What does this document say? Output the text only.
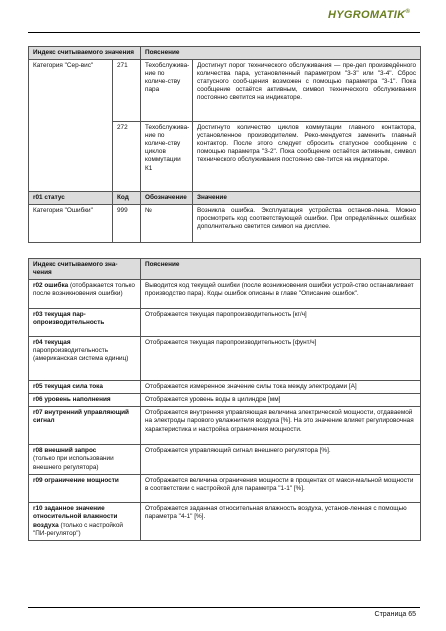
HYGROMATIK®
Индекс считываемого значения		Пояснение	
Категория "Сер-вис"	271	Техобслужива-ние по количе-ству пара	Достигнут порог технического обслуживания — пре-дел произведённого количества пара, установленный параметром "3-3" или "3-4". Сброс статусного сооб-щения возможен с помощью параметра "3-1". Пока сообщение остаётся активным, символ технического обслуживания постоянно светится на индикаторе.
	272	Техобслужива-ние по количе-ству циклов коммутации К1	Достигнуто количество циклов коммутации главного контактора, установленное производителем. Реко-мендуется заменить главный контактор. После этого следует сбросить статусное сообщение с помощью параметра "3-2". Пока сообщение остаётся активным, символ технического обслуживания постоянно све-тится на индикаторе.
r01 статус	Код	Обозначение	Значение
Категория "Ошибки"	999	№	Возникла ошибка. Эксплуатация устройства останов-лена. Можно просмотреть код соответствующей ошибки. При определённых ошибках дополнительно светится символ на дисплее.
Индекс считываемого зна-чения	Пояснение
r02 ошибка (отображается только после возникновения ошибки)	Выводится код текущей ошибки (после возникновения ошибки устрой-ство останавливает производство пара). Коды ошибок описаны в главе "Описание ошибок".
r03 текущая пар-опроизводительность	Отображается текущая паропроизводительность [кг/ч]

r04 текущая
паропроизводительность (американская система единиц)	Отображается текущая паропроизводительность [фунт/ч]
r05 текущая сила тока	Отображается измеренное значение силы тока между электродами [A]
r06 уровень наполнения	Отображается уровень воды в цилиндре [мм]
r07 внутренний управляющий сигнал	Отображается внутренняя управляющая величина электрической мощности, отдаваемой на электроды парового увлажнителя воздуха [%]. На это значение влияет регулировочная характеристика и настройка ограничения мощности.

r08 внешний запрос
(только при использовании внешнего регулятора)	Отображается управляющий сигнал внешнего регулятора [%].
r09 ограничение мощности	Отображается величина ограничения мощности в процентах от макси-мальной мощности в соответствии с настройкой для параметра "1-1" [%].
r10 заданное значение относительной влажности воздуха (только с настройкой "ПИ-регулятор")	Отображается заданная относительная влажность воздуха, установ-ленная с помощью параметра "4-1" [%].
Страница 65
